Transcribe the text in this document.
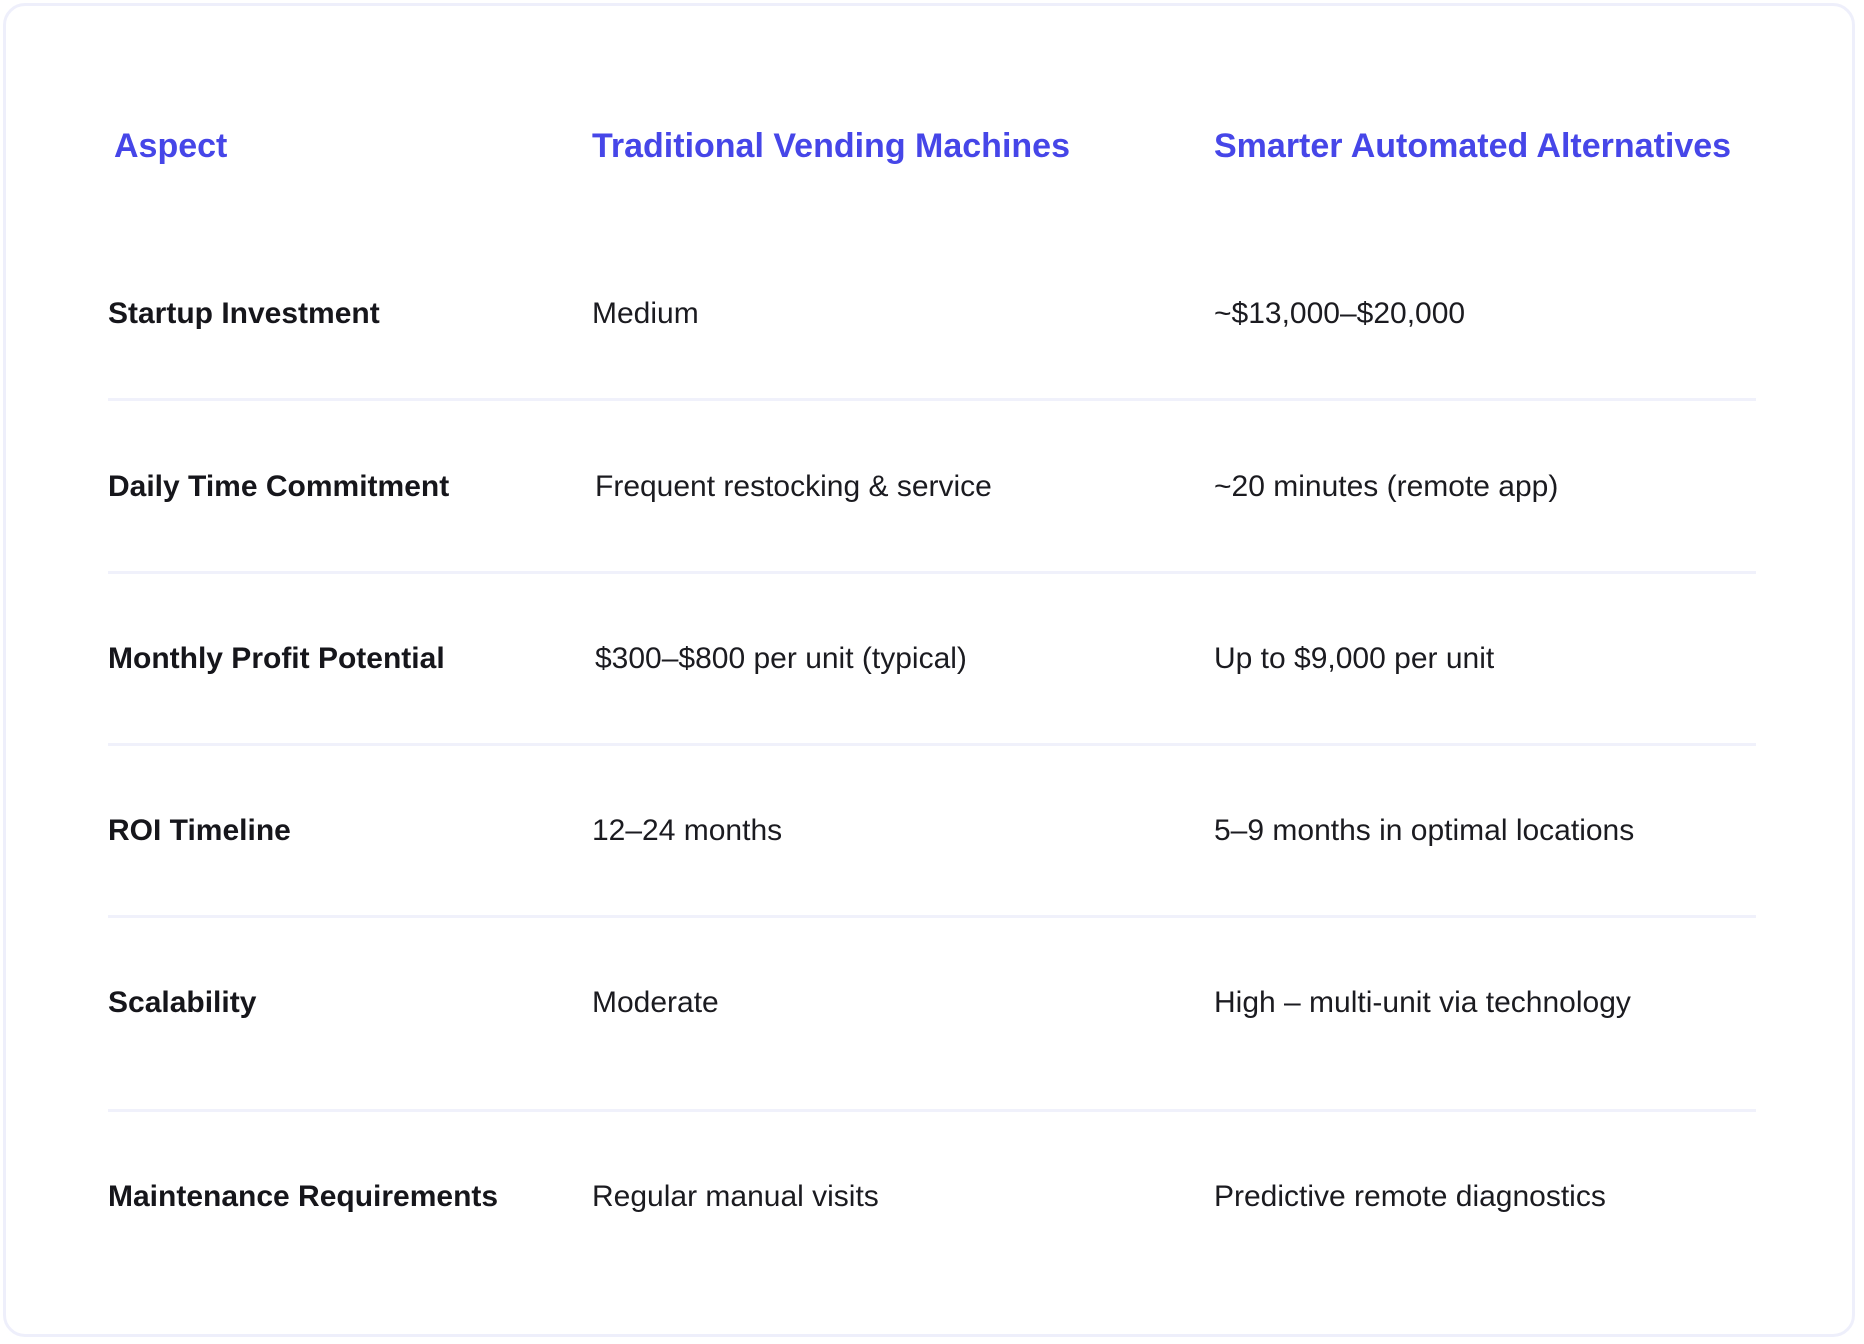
Aspect	Traditional Vending Machines	Smarter Automated Alternatives
Startup Investment	Medium	~$13,000–$20,000
Daily Time Commitment	Frequent restocking & service	~20 minutes (remote app)
Monthly Profit Potential	$300–$800 per unit (typical)	Up to $9,000 per unit
ROI Timeline	12–24 months	5–9 months in optimal locations
Scalability	Moderate	High – multi-unit via technology
Maintenance Requirements	Regular manual visits	Predictive remote diagnostics
